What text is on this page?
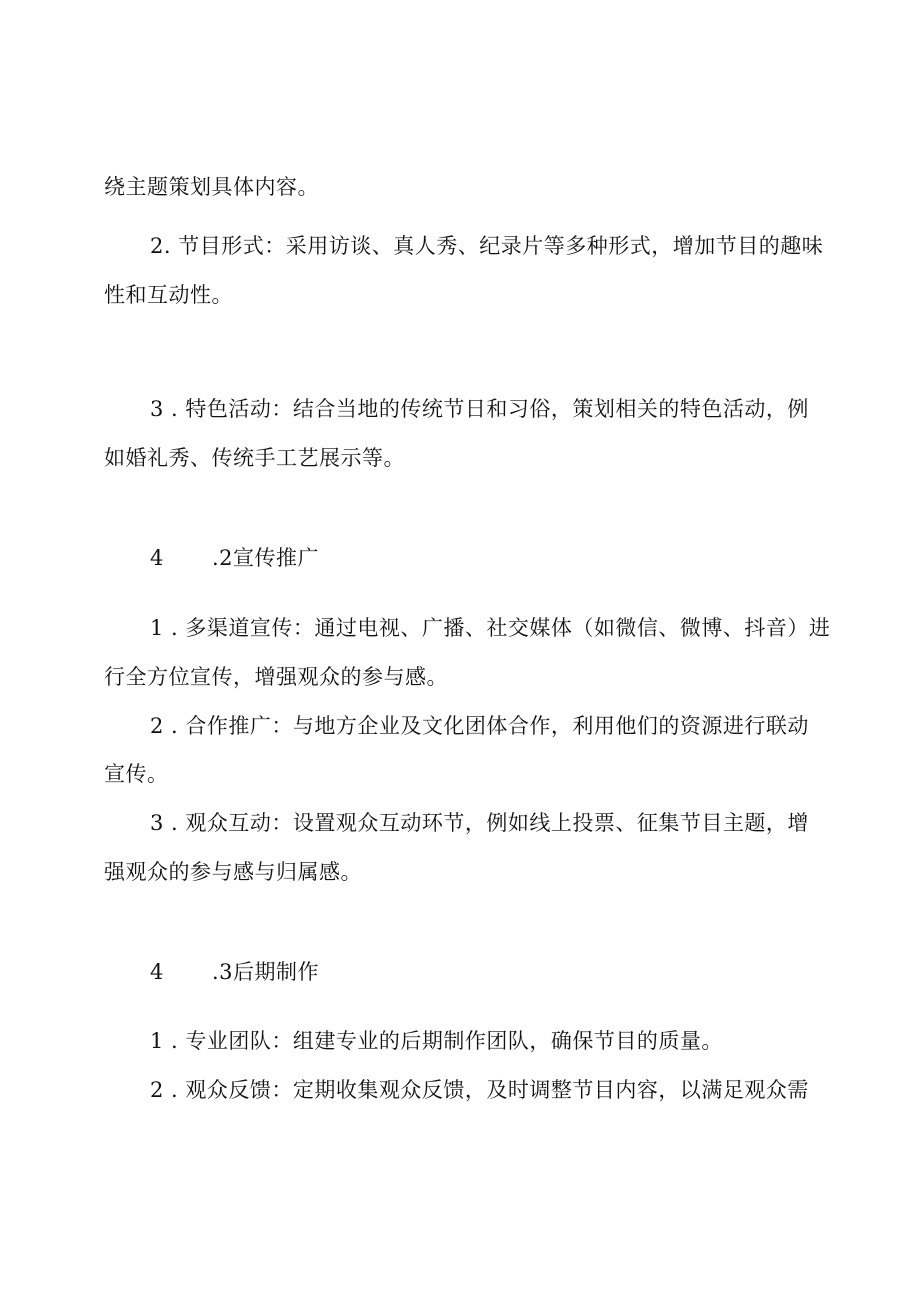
绕主题策划具体内容。
2. 节目形式：采用访谈、真人秀、纪录片等多种形式，增加节目的趣味
性和互动性。
3 . 特色活动：结合当地的传统节日和习俗，策划相关的特色活动，例
如婚礼秀、传统手工艺展示等。
4 .2宣传推广
1 . 多渠道宣传：通过电视、广播、社交媒体（如微信、微博、抖音）进
行全方位宣传，增强观众的参与感。
2 . 合作推广：与地方企业及文化团体合作，利用他们的资源进行联动
宣传。
3 . 观众互动：设置观众互动环节，例如线上投票、征集节目主题，增
强观众的参与感与归属感。
4 .3后期制作
1 . 专业团队：组建专业的后期制作团队，确保节目的质量。
2 . 观众反馈：定期收集观众反馈，及时调整节目内容，以满足观众需
